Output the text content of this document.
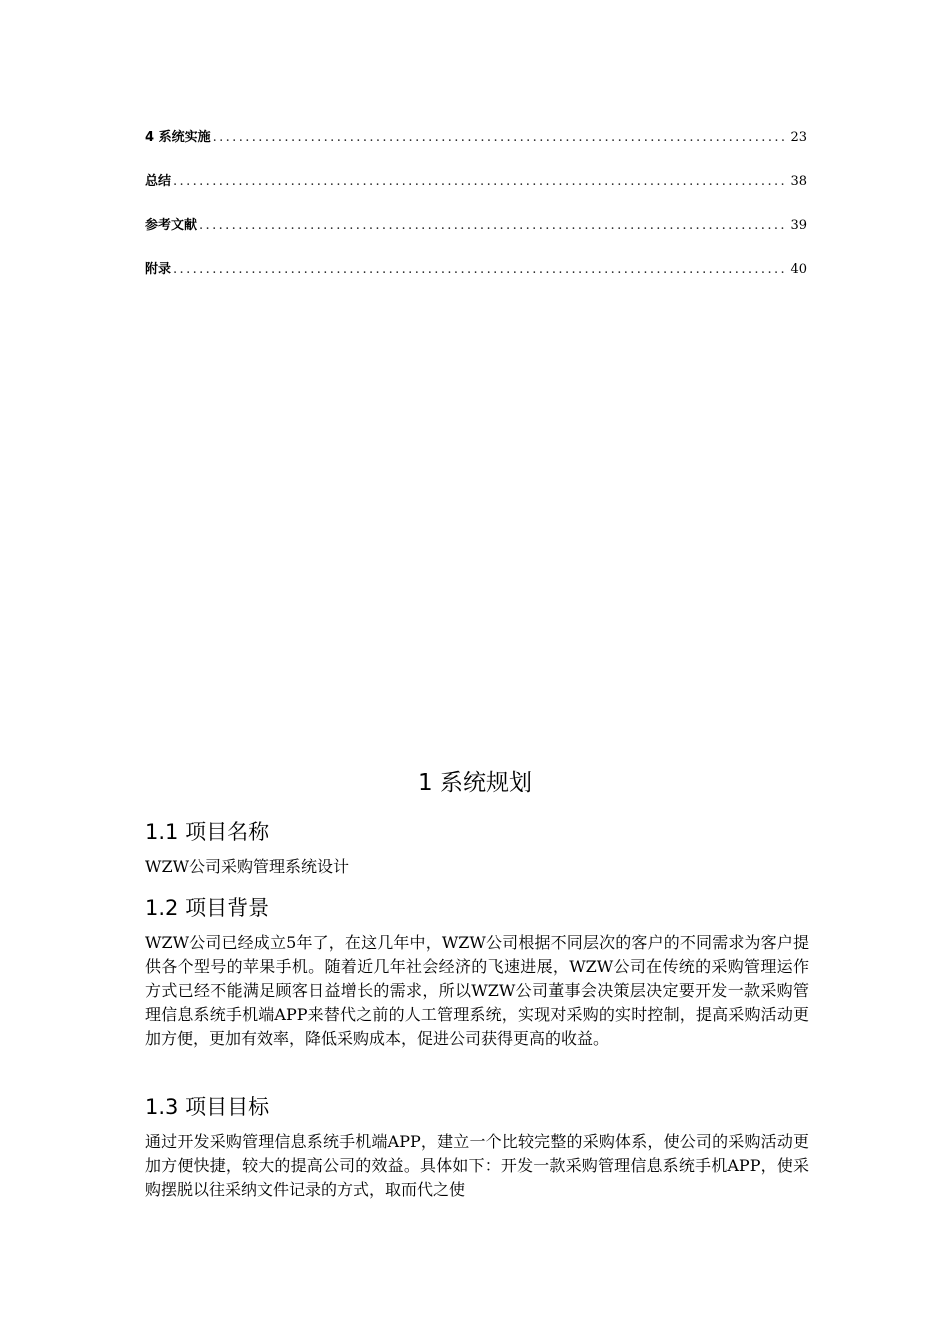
4 系统实施 .....	23
总结 .....	38
参考文献 .....	39
附录 .....	40
1 系统规划
1.1 项目名称
WZW公司采购管理系统设计
1.2 项目背景
WZW公司已经成立5年了，在这几年中，WZW公司根据不同层次的客户的不同需求为客户提供各个型号的苹果手机。随着近几年社会经济的飞速进展，WZW公司在传统的采购管理运作方式已经不能满足顾客日益增长的需求，所以WZW公司董事会决策层决定要开发一款采购管理信息系统手机端APP来替代之前的人工管理系统，实现对采购的实时控制，提高采购活动更加方便，更加有效率，降低采购成本，促进公司获得更高的收益。
1.3 项目目标
通过开发采购管理信息系统手机端APP，建立一个比较完整的采购体系，使公司的采购活动更加方便快捷，较大的提高公司的效益。具体如下：开发一款采购管理信息系统手机APP，使采购摆脱以往采纳文件记录的方式，取而代之使
